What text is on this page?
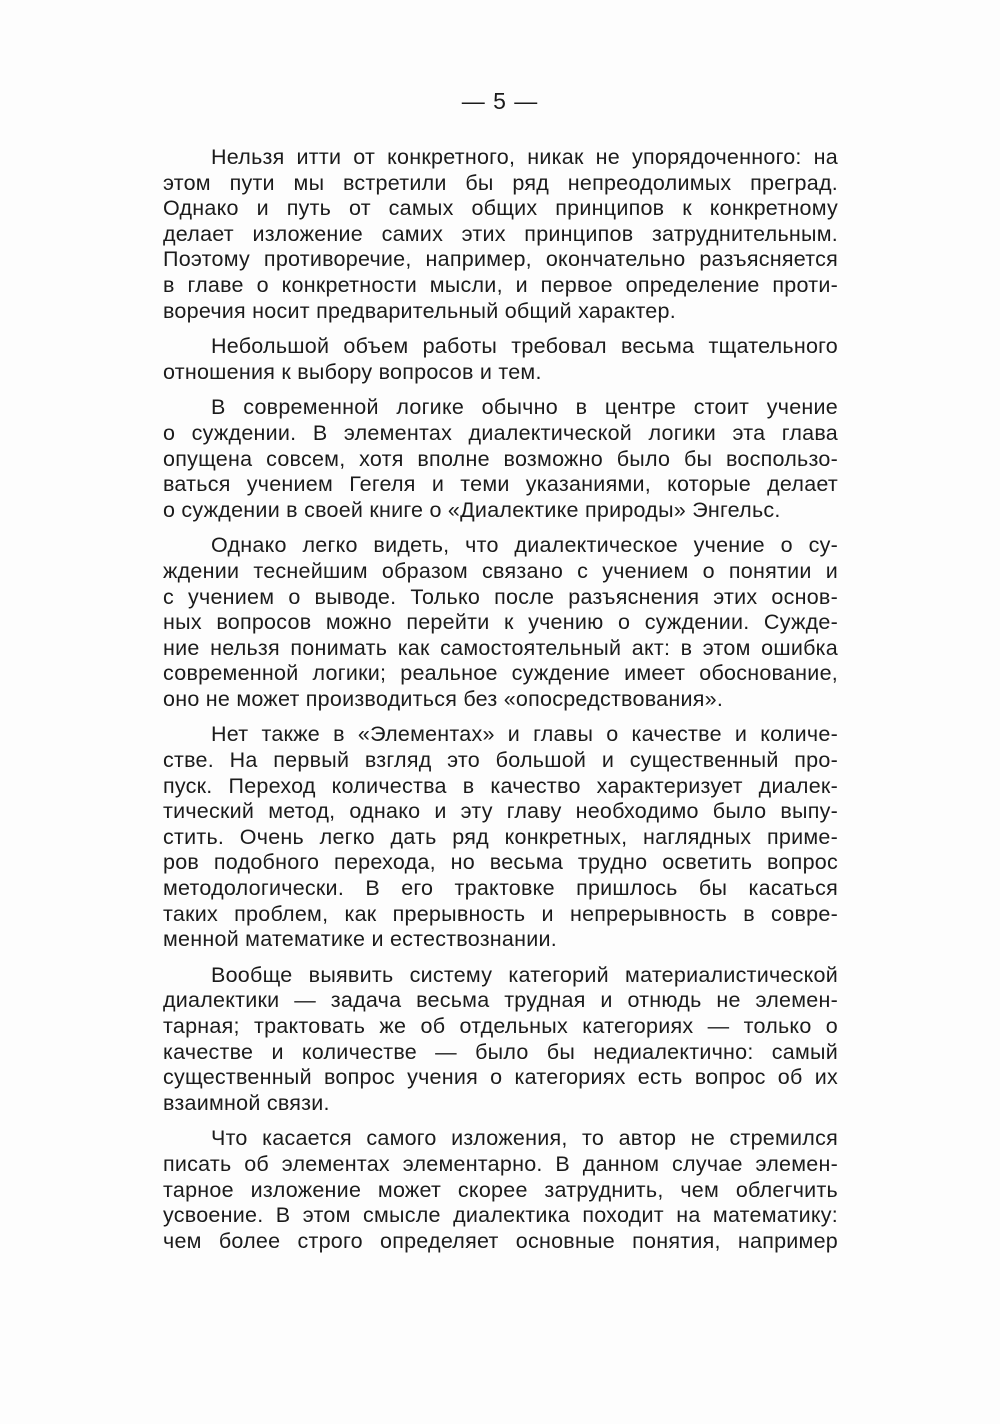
— 5 —
Нельзя итти от конкретного, никак не упорядоченного: на
этом пути мы встретили бы ряд непреодолимых преград.
Однако и путь от самых общих принципов к конкретному
делает изложение самих этих принципов затруднительным.
Поэтому противоречие, например, окончательно разъясняется
в главе о конкретности мысли, и первое определение проти-
воречия носит предварительный общий характер.
Небольшой объем работы требовал весьма тщательного
отношения к выбору вопросов и тем.
В современной логике обычно в центре стоит учение
о суждении. В элементах диалектической логики эта глава
опущена совсем, хотя вполне возможно было бы воспользо-
ваться учением Гегеля и теми указаниями, которые делает
о суждении в своей книге о «Диалектике природы» Энгельс.
Однако легко видеть, что диалектическое учение о су-
ждении теснейшим образом связано с учением о понятии и
с учением о выводе. Только после разъяснения этих основ-
ных вопросов можно перейти к учению о суждении. Сужде-
ние нельзя понимать как самостоятельный акт: в этом ошибка
современной логики; реальное суждение имеет обоснование,
оно не может производиться без «опосредствования».
Нет также в «Элементах» и главы о качестве и количе-
стве. На первый взгляд это большой и существенный про-
пуск. Переход количества в качество характеризует диалек-
тический метод, однако и эту главу необходимо было выпу-
стить. Очень легко дать ряд конкретных, наглядных приме-
ров подобного перехода, но весьма трудно осветить вопрос
методологически. В его трактовке пришлось бы касаться
таких проблем, как прерывность и непрерывность в совре-
менной математике и естествознании.
Вообще выявить систему категорий материалистической
диалектики — задача весьма трудная и отнюдь не элемен-
тарная; трактовать же об отдельных категориях — только о
качестве и количестве — было бы недиалектично: самый
существенный вопрос учения о категориях есть вопрос об их
взаимной связи.
Что касается самого изложения, то автор не стремился
писать об элементах элементарно. В данном случае элемен-
тарное изложение может скорее затруднить, чем облегчить
усвоение. В этом смысле диалектика походит на математику:
чем более строго определяет основные понятия, например
